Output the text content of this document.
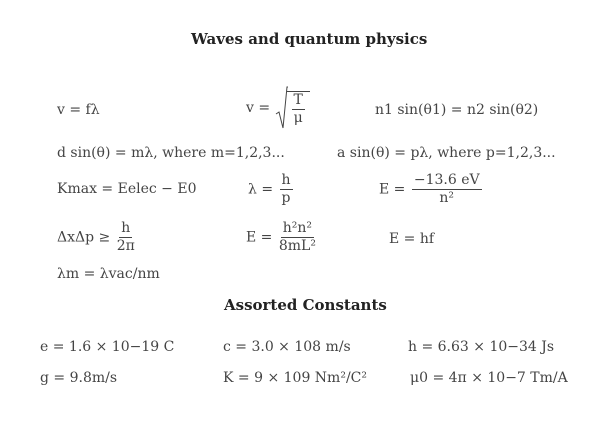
Waves and quantum physics
v = fλ	$v = \frac{T}{\mu}$	n1 sin(θ1) = n2 sin(θ2)
d sin(θ) = mλ, where m=1,2,3...	a sin(θ) = pλ, where p=1,2,3...
Kmax = Eelec − E0	$\lambda = \frac{h}{p}$	$E = \frac{-13.6 eV}{\text{n²}}$
$\Delta x\Delta p \ge \frac{h}{2\pi}$	$E = \frac{\text{h²n²}}{\text{8mL²}}$	E = hf
λm = λvac/nm
Assorted Constants
e = 1.6 × 10−19 C	c = 3.0 × 108 m/s	h = 6.63 × 10−34 Js
g = 9.8m/s	K = 9 × 109 Nm²/C²	μ0 = 4π × 10−7 Tm/A
